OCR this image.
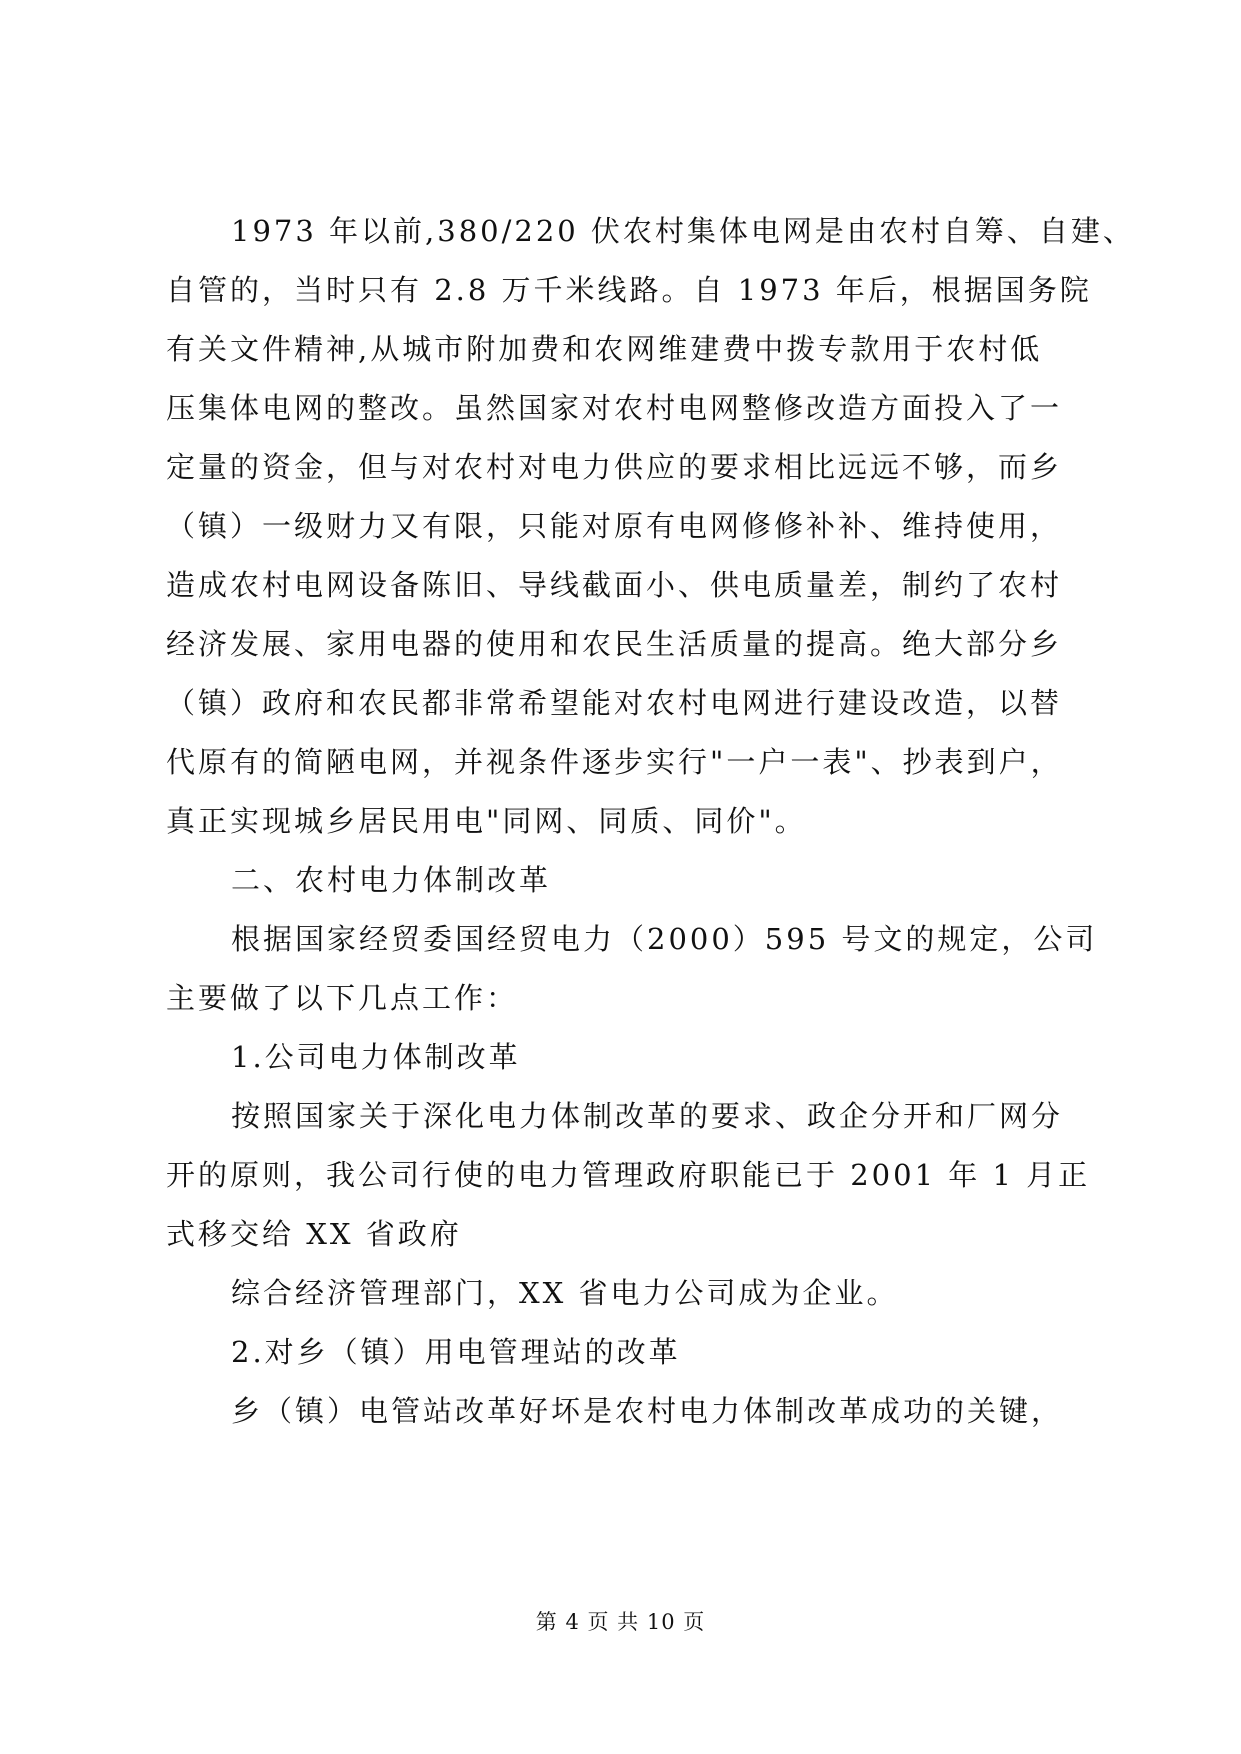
1973 年以前,380/220 伏农村集体电网是由农村自筹、自建、
自管的，当时只有 2.8 万千米线路。自 1973 年后，根据国务院
有关文件精神,从城市附加费和农网维建费中拨专款用于农村低
压集体电网的整改。虽然国家对农村电网整修改造方面投入了一
定量的资金，但与对农村对电力供应的要求相比远远不够，而乡
（镇）一级财力又有限，只能对原有电网修修补补、维持使用，
造成农村电网设备陈旧、导线截面小、供电质量差，制约了农村
经济发展、家用电器的使用和农民生活质量的提高。绝大部分乡
（镇）政府和农民都非常希望能对农村电网进行建设改造，以替
代原有的简陋电网，并视条件逐步实行"一户一表"、抄表到户，
真正实现城乡居民用电"同网、同质、同价"。
二、农村电力体制改革
根据国家经贸委国经贸电力（2000）595 号文的规定，公司
主要做了以下几点工作：
1.公司电力体制改革
按照国家关于深化电力体制改革的要求、政企分开和厂网分
开的原则，我公司行使的电力管理政府职能已于 2001 年 1 月正
式移交给 XX 省政府
综合经济管理部门，XX 省电力公司成为企业。
2.对乡（镇）用电管理站的改革
乡（镇）电管站改革好坏是农村电力体制改革成功的关键，
第 4 页 共 10 页
